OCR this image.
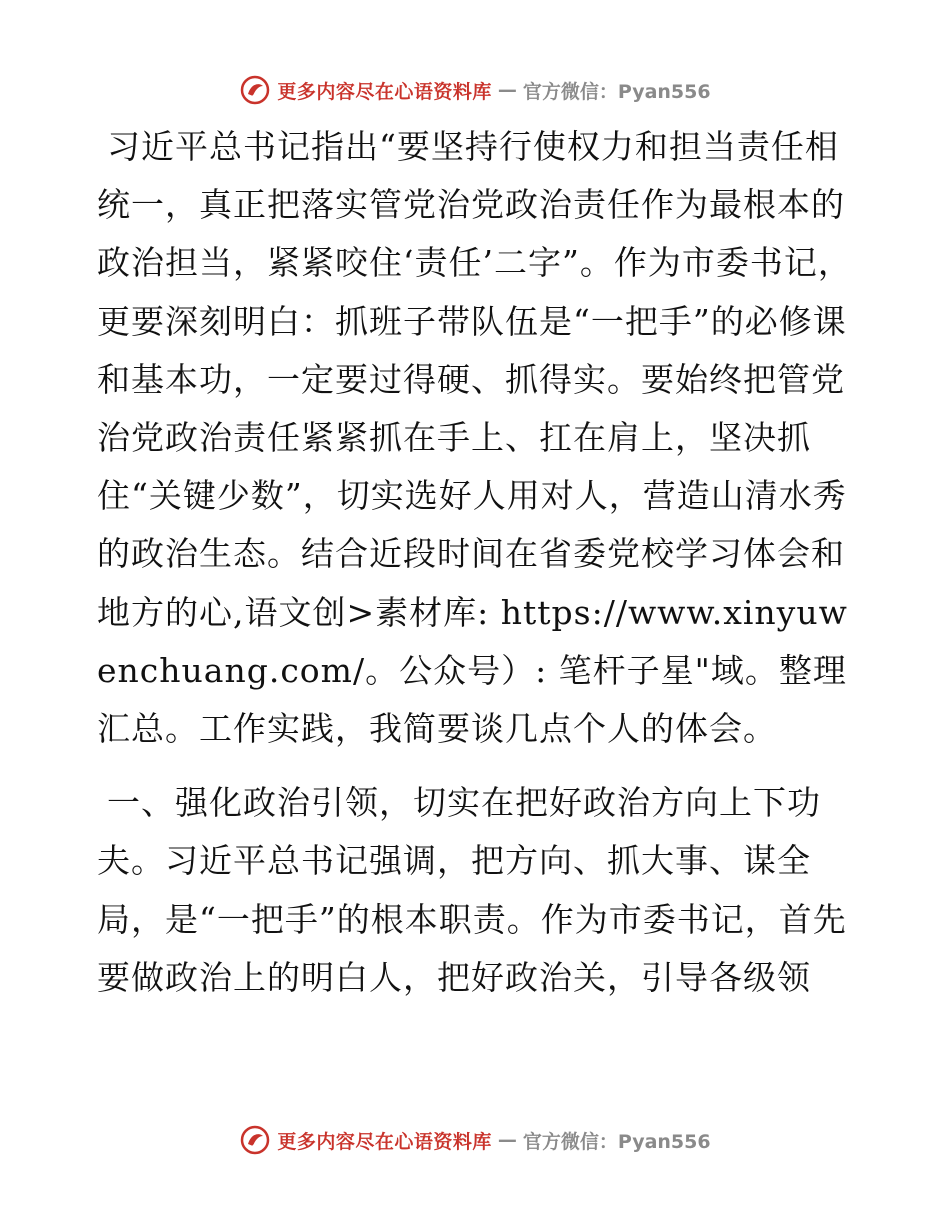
更多内容尽在心语资料库 — 官方微信：Pyan556

习近平总书记指出“要坚持行使权力和担当责任相统一，真正把落实管党治党政治责任作为最根本的政治担当，紧紧咬住‘责任’二字”。作为市委书记，更要深刻明白：抓班子带队伍是“一把手”的必修课和基本功，一定要过得硬、抓得实。要始终把管党治党政治责任紧紧抓在手上、扛在肩上，坚决抓住“关键少数”，切实选好人用对人，营造山清水秀的政治生态。结合近段时间在省委党校学习体会和地方的心,语文创>素材库: https://www.xinyuwenchuang.com/。公众号）: 笔杆子星"域。整理汇总。工作实践，我简要谈几点个人的体会。

一、强化政治引领，切实在把好政治方向上下功夫。习近平总书记强调，把方向、抓大事、谋全局，是“一把手”的根本职责。作为市委书记，首先要做政治上的明白人，把好政治关，引导各级领

更多内容尽在心语资料库 — 官方微信：Pyan556
